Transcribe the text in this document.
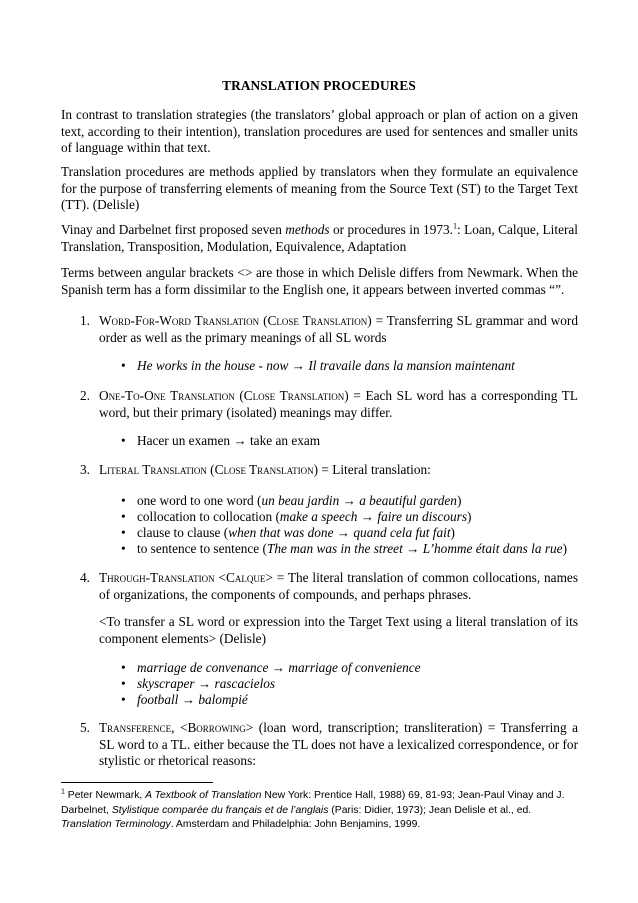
TRANSLATION PROCEDURES

In contrast to translation strategies (the translators’ global approach or plan of action on a given text, according to their intention), translation procedures are used for sentences and smaller units of language within that text.

Translation procedures are methods applied by translators when they formulate an equivalence for the purpose of transferring elements of meaning from the Source Text (ST) to the Target Text (TT). (Delisle)

Vinay and Darbelnet first proposed seven methods or procedures in 1973.$^1$: Loan, Calque, Literal Translation, Transposition, Modulation, Equivalence, Adaptation

Terms between angular brackets <> are those in which Delisle differs from Newmark. When the Spanish term has a form dissimilar to the English one, it appears between inverted commas “”.

1. Word-For-Word Translation (Close Translation) = Transferring SL grammar and word order as well as the primary meanings of all SL words

• He works in the house - now → Il travaile dans la mansion maintenant
2. One-To-One Translation (Close Translation) = Each SL word has a corresponding TL word, but their primary (isolated) meanings may differ.

• Hacer un examen → take an exam
3. Literal Translation (Close Translation) = Literal translation:

• one word to one word (un beau jardin → a beautiful garden)
• collocation to collocation (make a speech → faire un discours)
• clause to clause (when that was done → quand cela fut fait)
• to sentence to sentence (The man was in the street → L’homme était dans la rue)
4. Through-Translation <Calque> = The literal translation of common collocations, names of organizations, the components of compounds, and perhaps phrases.

<To transfer a SL word or expression into the Target Text using a literal translation of its component elements> (Delisle)

• marriage de convenance → marriage of convenience
• skyscraper → rascacielos
• football → balompié
5. Transference, <Borrowing> (loan word, transcription; transliteration) = Transferring a SL word to a TL. either because the TL does not have a lexicalized correspondence, or for stylistic or rhetorical reasons:

$^1$ Peter Newmark, A Textbook of Translation New York: Prentice Hall, 1988) 69, 81-93; Jean-Paul Vinay and J. Darbelnet, Stylistique comparée du français et de l’anglais (Paris: Didier, 1973); Jean Delisle et al., ed. Translation Terminology. Amsterdam and Philadelphia: John Benjamins, 1999.
